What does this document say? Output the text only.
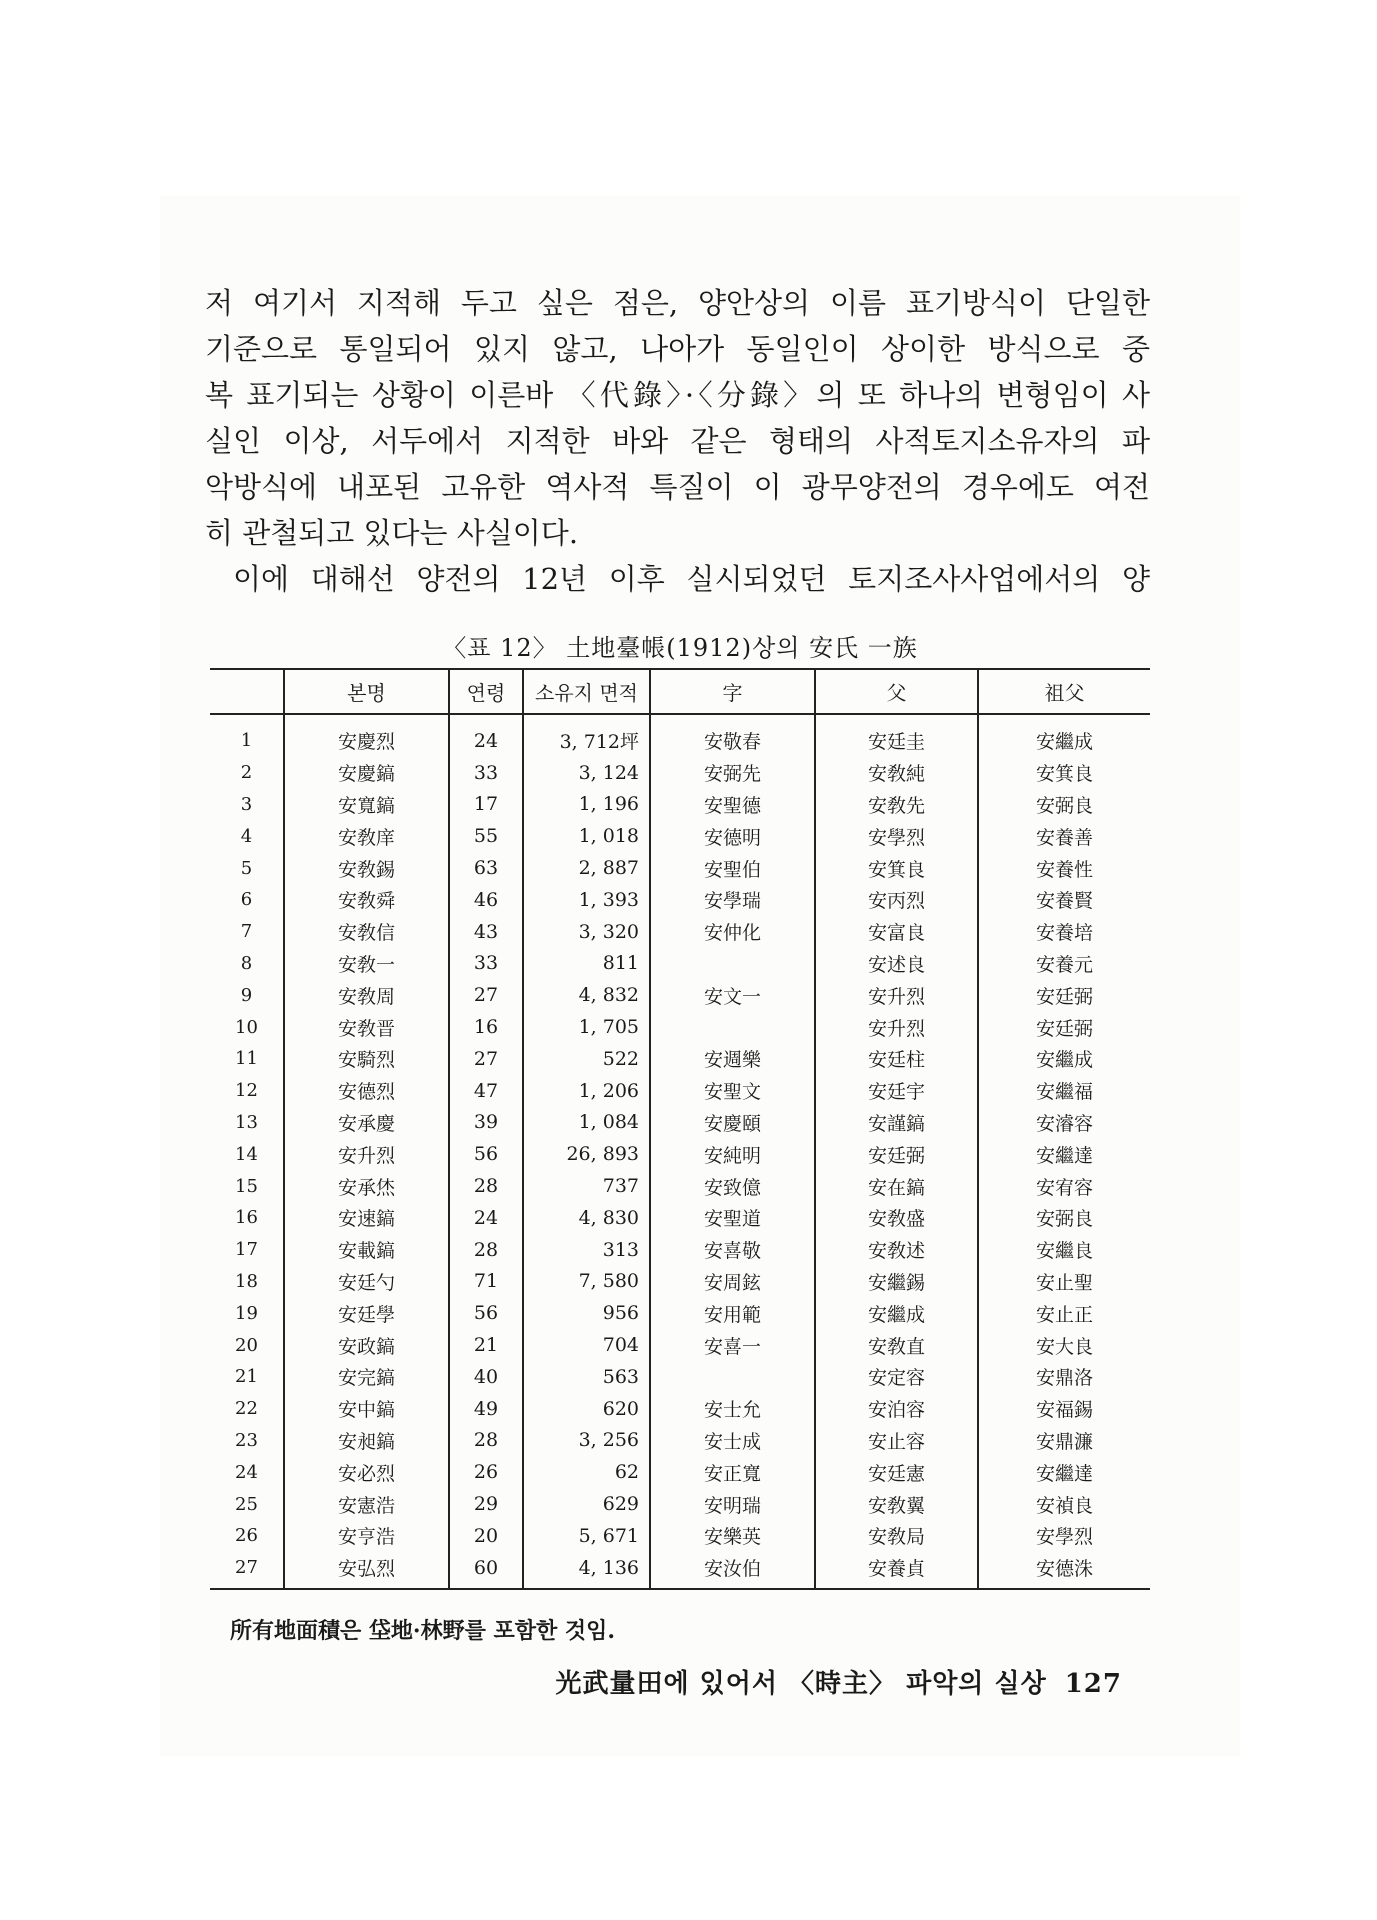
저 여기서 지적해 두고 싶은 점은, 양안상의 이름 표기방식이 단일한
기준으로 통일되어 있지 않고, 나아가 동일인이 상이한 방식으로 중
복 표기되는 상황이 이른바 〈代錄〉·〈分錄〉의 또 하나의 변형임이 사
실인 이상, 서두에서 지적한 바와 같은 형태의 사적토지소유자의 파
악방식에 내포된 고유한 역사적 특질이 이 광무양전의 경우에도 여전
히 관철되고 있다는 사실이다.
이에 대해선 양전의 12년 이후 실시되었던 토지조사사업에서의 양
〈표 12〉 土地臺帳(1912)상의 安氏 一族
	본명	연령	소유지 면적	字	父	祖父
1	安慶烈	24	3, 712坪	安敬春	安廷圭	安繼成
2	安慶鎬	33	3, 124	安弼先	安敎純	安箕良
3	安寬鎬	17	1, 196	安聖德	安敎先	安弼良
4	安敎庠	55	1, 018	安德明	安學烈	安養善
5	安敎錫	63	2, 887	安聖伯	安箕良	安養性
6	安敎舜	46	1, 393	安學瑞	安丙烈	安養賢
7	安敎信	43	3, 320	安仲化	安富良	安養培
8	安敎一	33	811		安述良	安養元
9	安敎周	27	4, 832	安文一	安升烈	安廷弼
10	安敎晋	16	1, 705		安升烈	安廷弼
11	安騎烈	27	522	安週樂	安廷柱	安繼成
12	安德烈	47	1, 206	安聖文	安廷宇	安繼福
13	安承慶	39	1, 084	安慶頤	安謹鎬	安濬容
14	安升烈	56	26, 893	安純明	安廷弼	安繼達
15	安承烋	28	737	安致億	安在鎬	安宥容
16	安速鎬	24	4, 830	安聖道	安敎盛	安弼良
17	安載鎬	28	313	安喜敬	安敎述	安繼良
18	安廷勺	71	7, 580	安周鉉	安繼錫	安止聖
19	安廷學	56	956	安用範	安繼成	安止正
20	安政鎬	21	704	安喜一	安敎直	安大良
21	安完鎬	40	563		安定容	安鼎洛
22	安中鎬	49	620	安士允	安泊容	安福錫
23	安昶鎬	28	3, 256	安士成	安止容	安鼎濂
24	安必烈	26	62	安正寬	安廷憲	安繼達
25	安憲浩	29	629	安明瑞	安敎翼	安禎良
26	安亨浩	20	5, 671	安樂英	安敎局	安學烈
27	安弘烈	60	4, 136	安汝伯	安養貞	安德洙
所有地面積은 垈地·林野를 포함한 것임.
光武量田에 있어서 〈時主〉 파악의 실상 127
